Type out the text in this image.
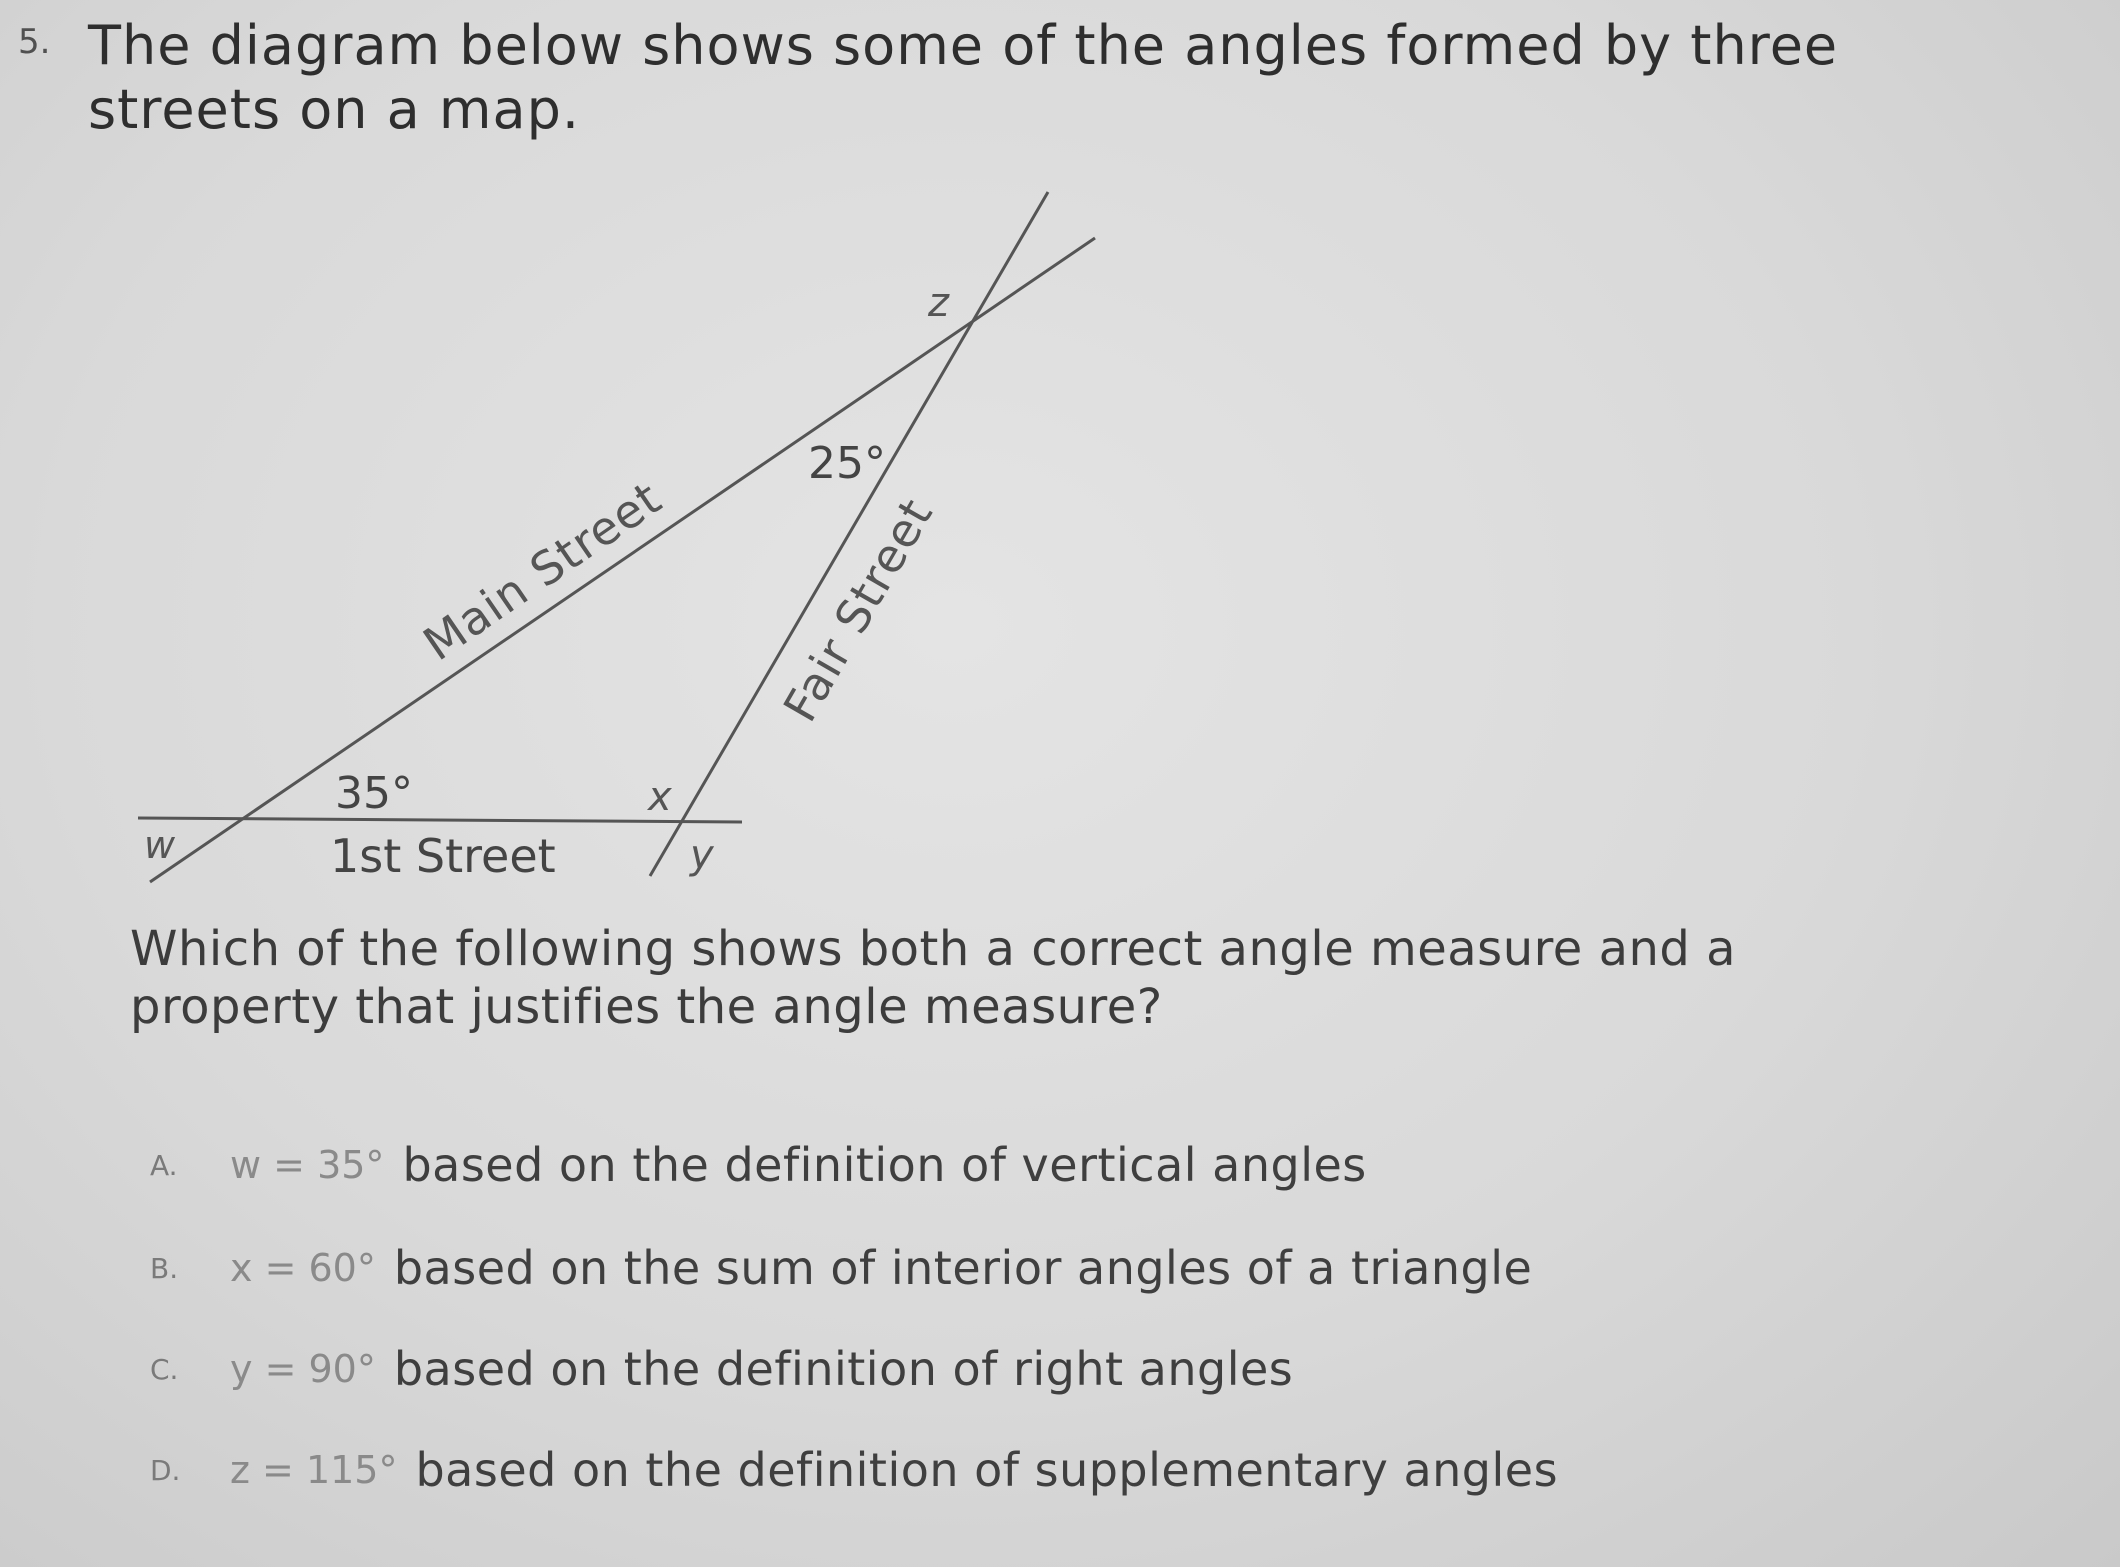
5. The diagram below shows some of the angles formed by three streets on a map.
Main Street Fair Street
1st Street
35°
25°
w
x
y
z
Which of the following shows both a correct angle measure and a property that justifies the angle measure?
A.	w = 35° based on the definition of vertical angles
B.	x = 60° based on the sum of interior angles of a triangle
C.	y = 90° based on the definition of right angles
D.	z = 115° based on the definition of supplementary angles
